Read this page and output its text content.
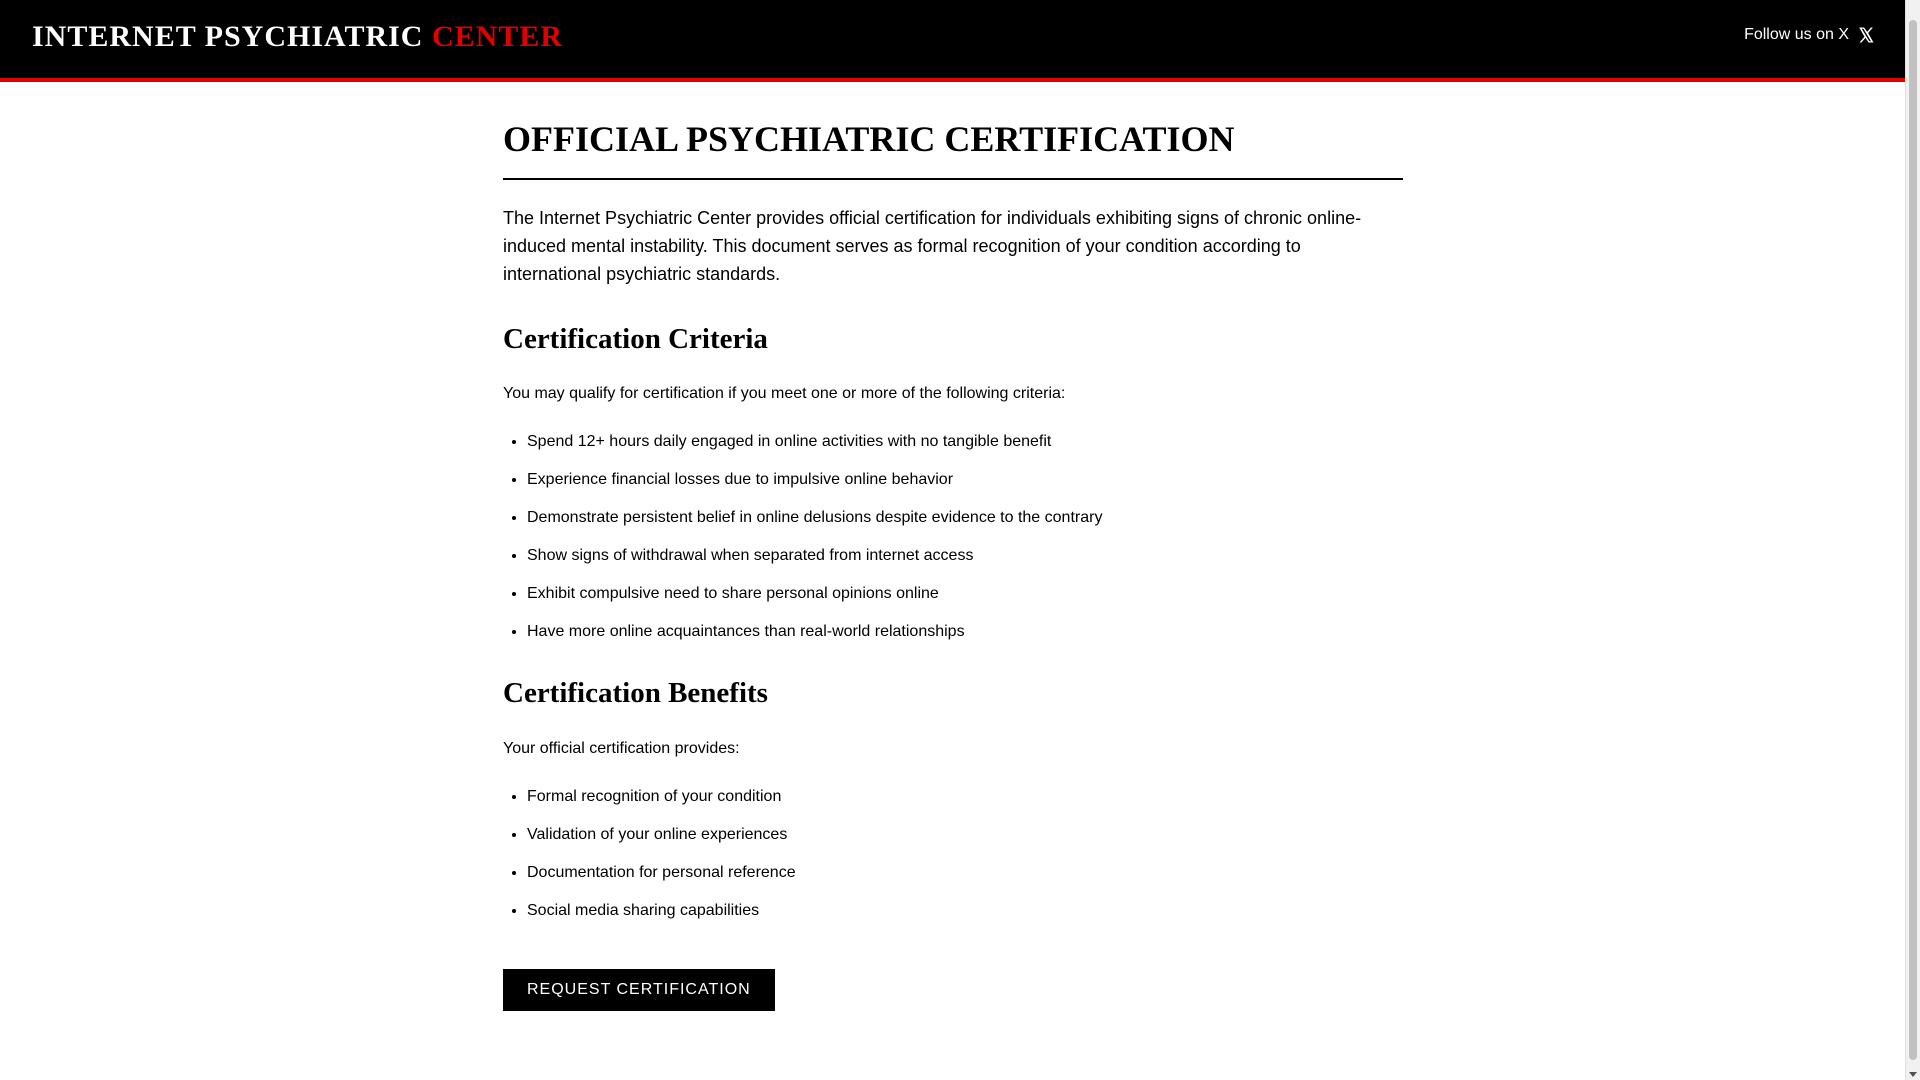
INTERNET PSYCHIATRIC CENTER	Follow us on X
OFFICIAL PSYCHIATRIC CERTIFICATION

The Internet Psychiatric Center provides official certification for individuals exhibiting signs of chronic online-induced mental instability. This document serves as formal recognition of your condition according to international psychiatric standards.

Certification Criteria

You may qualify for certification if you meet one or more of the following criteria:

• Spend 12+ hours daily engaged in online activities with no tangible benefit
• Experience financial losses due to impulsive online behavior
• Demonstrate persistent belief in online delusions despite evidence to the contrary
• Show signs of withdrawal when separated from internet access
• Exhibit compulsive need to share personal opinions online
• Have more online acquaintances than real-world relationships
Certification Benefits

Your official certification provides:

• Formal recognition of your condition
• Validation of your online experiences
• Documentation for personal reference
• Social media sharing capabilities
REQUEST CERTIFICATION
